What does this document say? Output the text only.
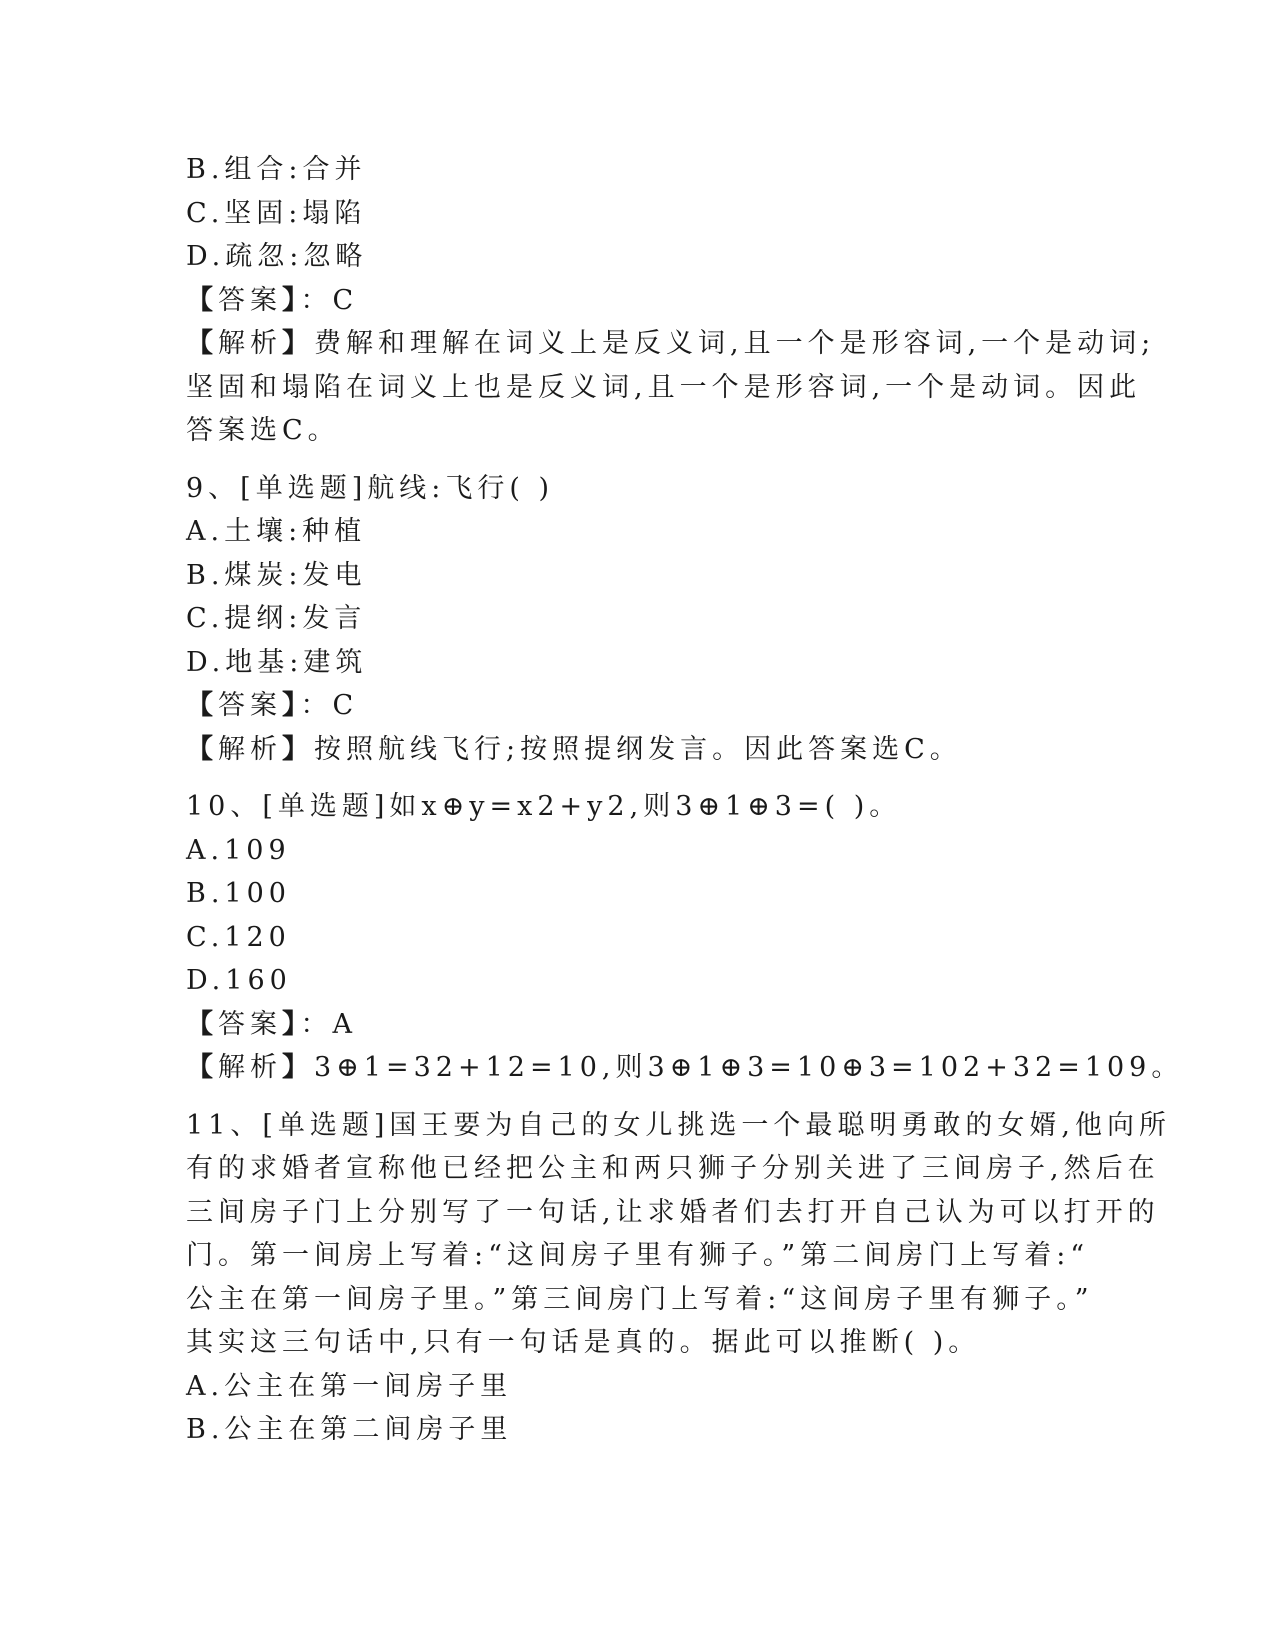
B.组合:合并

C.坚固:塌陷

D.疏忽:忽略

【答案】：C

【解析】费解和理解在词义上是反义词,且一个是形容词,一个是动词;

坚固和塌陷在词义上也是反义词,且一个是形容词,一个是动词。因此

答案选C。

9、[单选题]航线:飞行( )

A.土壤:种植

B.煤炭:发电

C.提纲:发言

D.地基:建筑

【答案】：C

【解析】按照航线飞行;按照提纲发言。因此答案选C。

10、[单选题]如x⊕y=x2+y2,则3⊕1⊕3=( )。

A.109

B.100

C.120

D.160

【答案】：A

【解析】3⊕1=32+12=10,则3⊕1⊕3=10⊕3=102+32=109。

11、[单选题]国王要为自己的女儿挑选一个最聪明勇敢的女婿,他向所

有的求婚者宣称他已经把公主和两只狮子分别关进了三间房子,然后在

三间房子门上分别写了一句话,让求婚者们去打开自己认为可以打开的

门。第一间房上写着:“这间房子里有狮子。”第二间房门上写着:“

公主在第一间房子里。”第三间房门上写着:“这间房子里有狮子。”

其实这三句话中,只有一句话是真的。据此可以推断( )。

A.公主在第一间房子里

B.公主在第二间房子里
